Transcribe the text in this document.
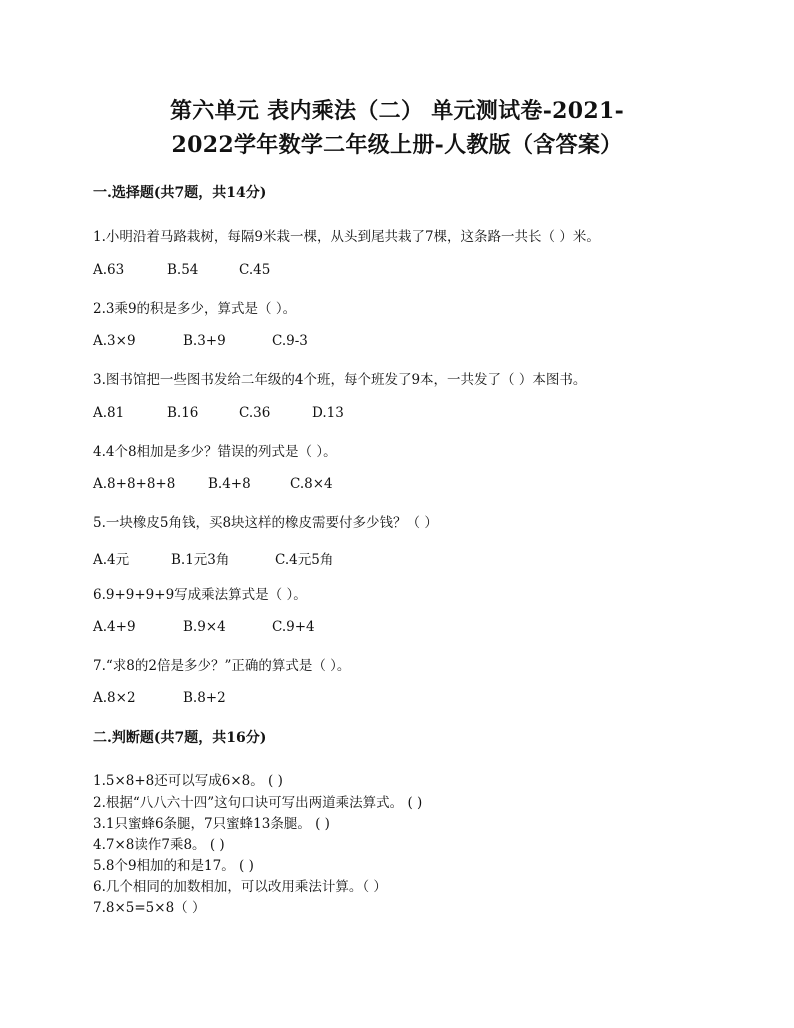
第六单元 表内乘法（二） 单元测试卷-2021-
2022学年数学二年级上册-人教版（含答案）
一.选择题(共7题，共14分)
1.小明沿着马路栽树，每隔9米栽一棵，从头到尾共栽了7棵，这条路一共长（ ）米。
A.63	B.54	C.45
2.3乘9的积是多少，算式是（ ）。
A.3×9	B.3+9	C.9-3
3.图书馆把一些图书发给二年级的4个班，每个班发了9本，一共发了（ ）本图书。
A.81	B.16	C.36	D.13
4.4个8相加是多少？错误的列式是（ ）。
A.8+8+8+8 B.4+8	C.8×4
5.一块橡皮5角钱，买8块这样的橡皮需要付多少钱？（ ）
A.4元	B.1元3角	C.4元5角
6.9+9+9+9写成乘法算式是（ ）。
A.4+9	B.9×4	C.9+4
7.“求8的2倍是多少？”正确的算式是（ ）。
A.8×2	B.8+2
二.判断题(共7题，共16分)
1.5×8+8还可以写成6×8。 ( )
2.根据“八八六十四”这句口诀可写出两道乘法算式。 ( )
3.1只蜜蜂6条腿，7只蜜蜂13条腿。 ( )
4.7×8读作7乘8。 ( )
5.8个9相加的和是17。 ( )
6.几个相同的加数相加，可以改用乘法计算。（ ）
7.8×5=5×8（ ）
